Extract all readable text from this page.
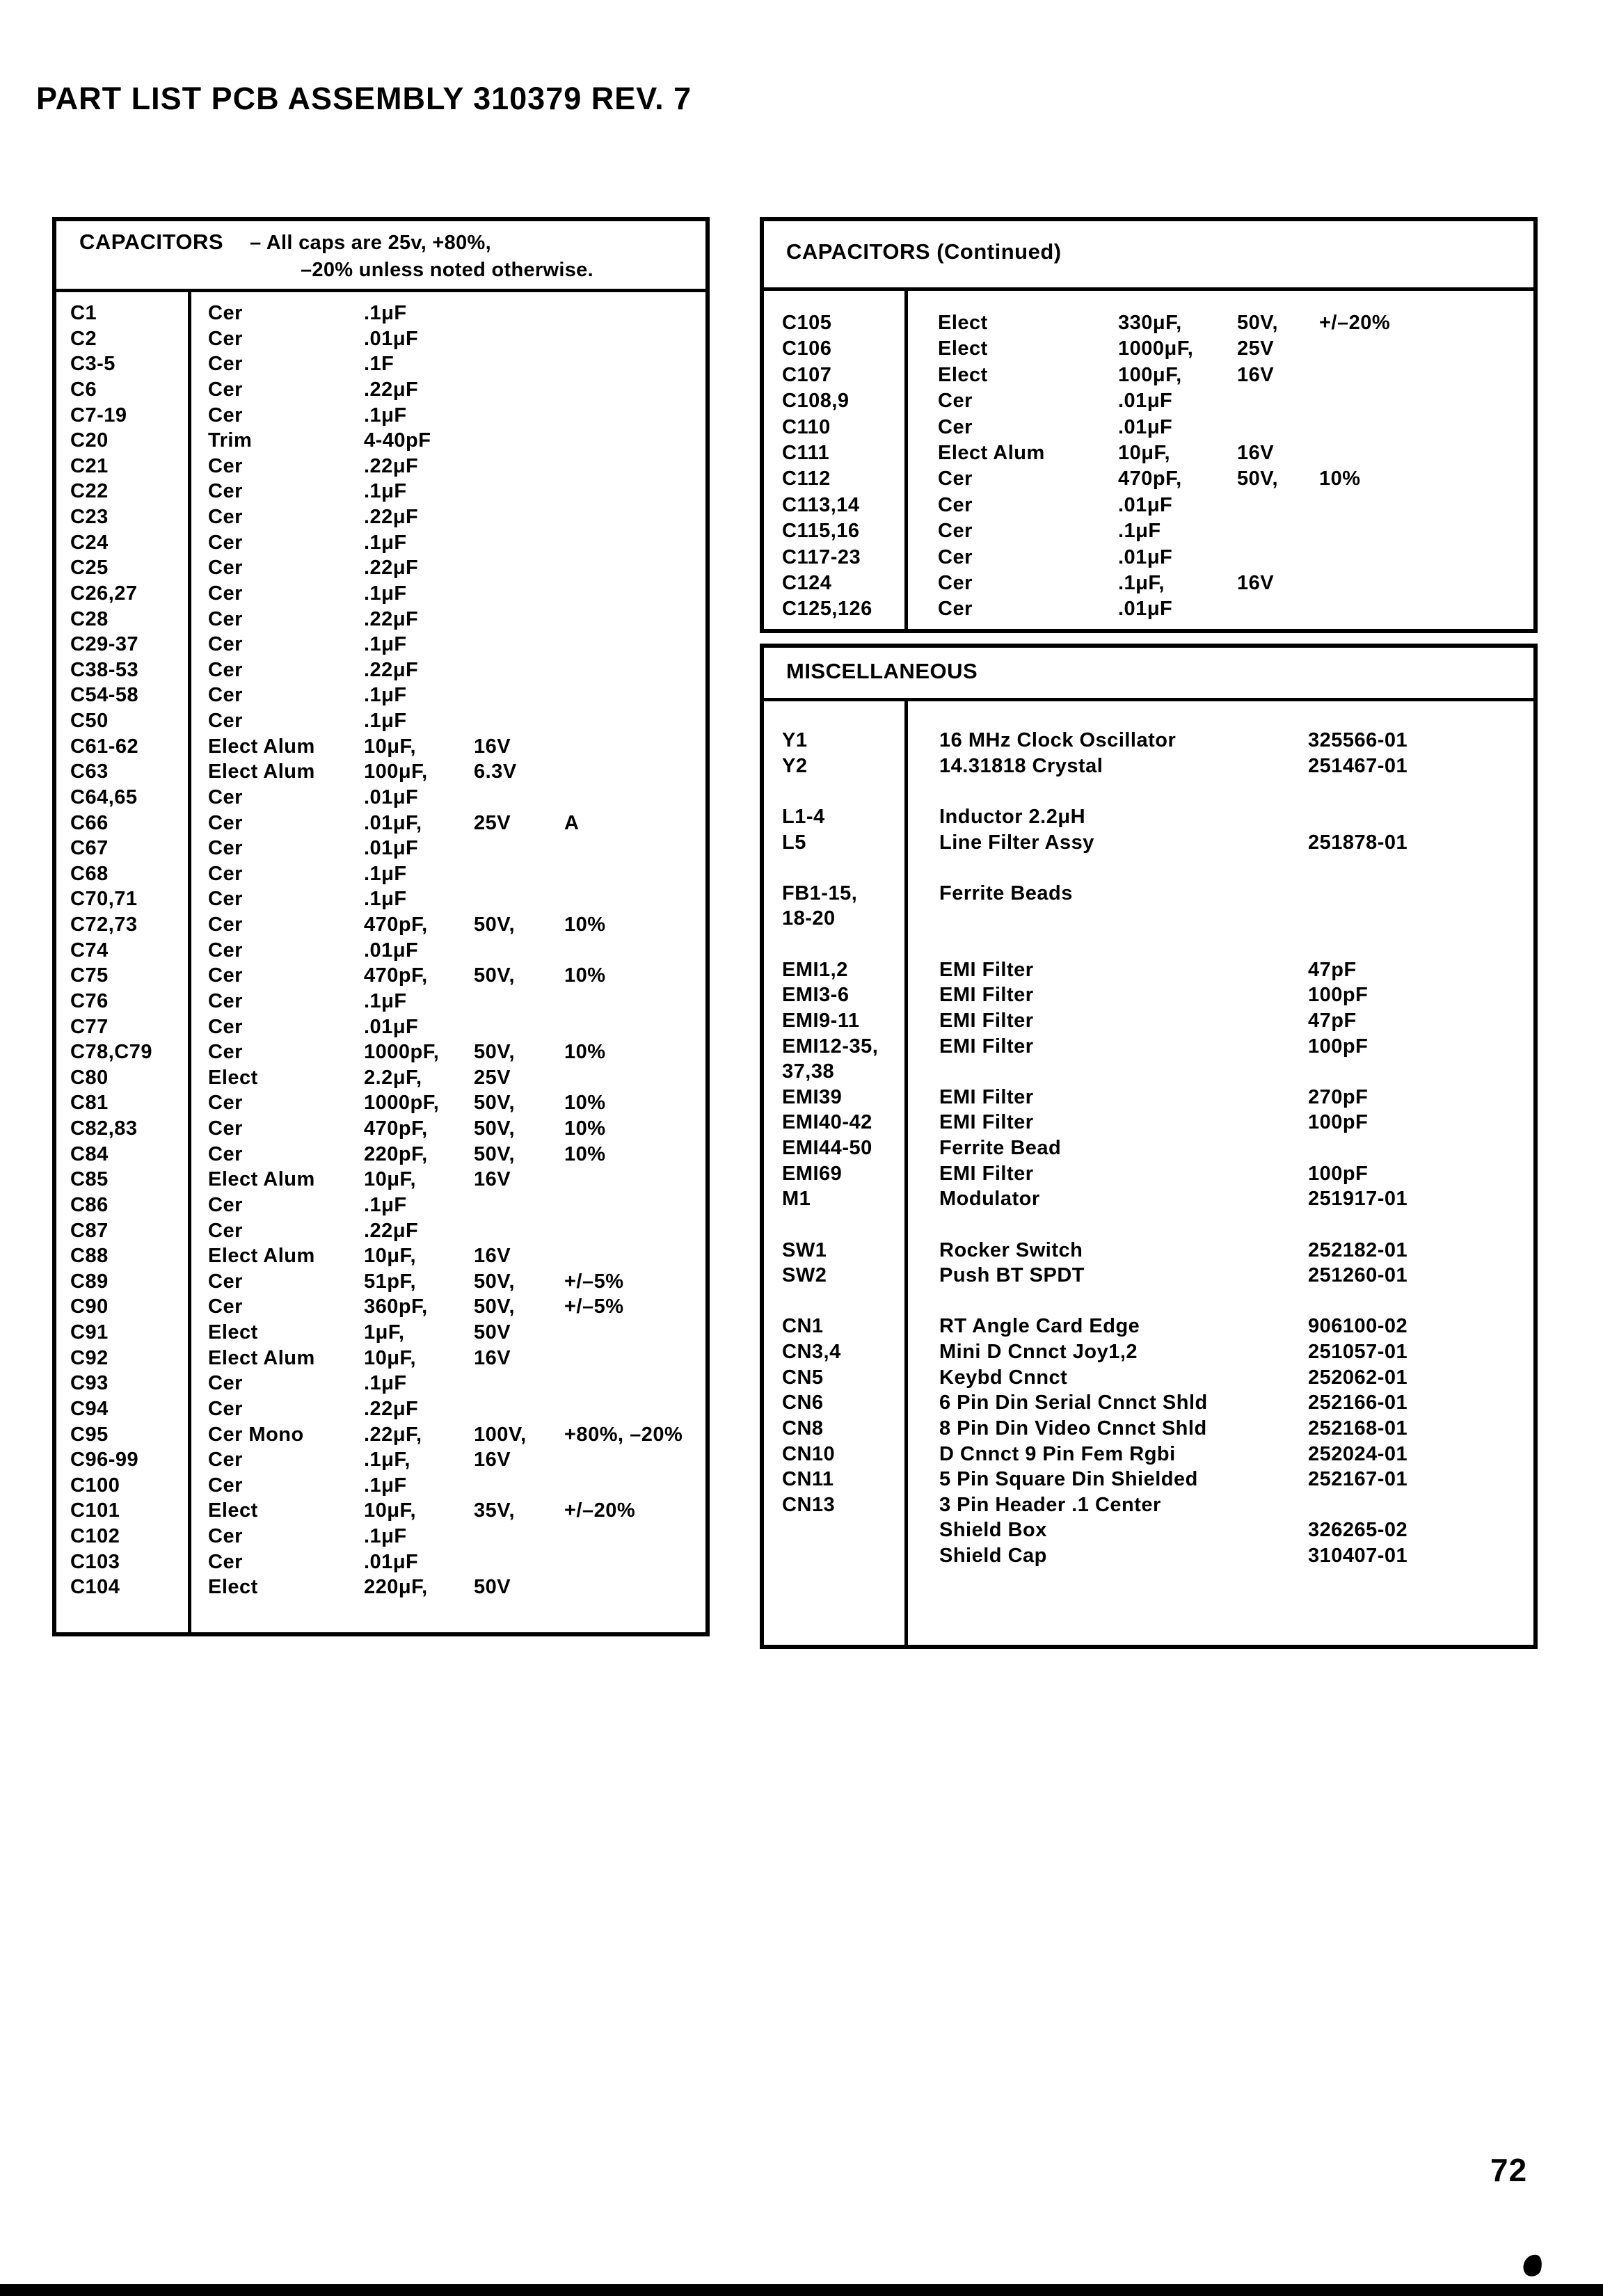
PART LIST PCB ASSEMBLY 310379 REV. 7
CAPACITORS – All caps are 25v, +80%,
–20% unless noted otherwise.
C1	Cer	.1μF
C2	Cer	.01μF
C3-5	Cer	.1F
C6	Cer	.22μF
C7-19	Cer	.1μF
C20	Trim	4-40pF
C21	Cer	.22μF
C22	Cer	.1μF
C23	Cer	.22μF
C24	Cer	.1μF
C25	Cer	.22μF
C26,27	Cer	.1μF
C28	Cer	.22μF
C29-37	Cer	.1μF
C38-53	Cer	.22μF
C54-58	Cer	.1μF
C50	Cer	.1μF
C61-62	Elect Alum	10μF,	16V
C63	Elect Alum	100μF,	6.3V
C64,65	Cer	.01μF
C66	Cer	.01μF,	25V	A
C67	Cer	.01μF
C68	Cer	.1μF
C70,71	Cer	.1μF
C72,73	Cer	470pF,	50V,	10%
C74	Cer	.01μF
C75	Cer	470pF,	50V,	10%
C76	Cer	.1μF
C77	Cer	.01μF
C78,C79	Cer	1000pF,	50V,	10%
C80	Elect	2.2μF,	25V
C81	Cer	1000pF,	50V,	10%
C82,83	Cer	470pF,	50V,	10%
C84	Cer	220pF,	50V,	10%
C85	Elect Alum	10μF,	16V
C86	Cer	.1μF
C87	Cer	.22μF
C88	Elect Alum	10μF,	16V
C89	Cer	51pF,	50V,	+/–5%
C90	Cer	360pF,	50V,	+/–5%
C91	Elect	1μF,	50V
C92	Elect Alum	10μF,	16V
C93	Cer	.1μF
C94	Cer	.22μF
C95	Cer Mono	.22μF,	100V,	+80%, –20%
C96-99	Cer	.1μF,	16V
C100	Cer	.1μF
C101	Elect	10μF,	35V,	+/–20%
C102	Cer	.1μF
C103	Cer	.01μF
C104	Elect	220μF,	50V
CAPACITORS (Continued)
C105	Elect	330μF,	50V,	+/–20%
C106	Elect	1000μF,	25V
C107	Elect	100μF,	16V
C108,9	Cer	.01μF
C110	Cer	.01μF
C111	Elect Alum	10μF,	16V
C112	Cer	470pF,	50V,	10%
C113,14	Cer	.01μF
C115,16	Cer	.1μF
C117-23	Cer	.01μF
C124	Cer	.1μF,	16V
C125,126	Cer	.01μF
MISCELLANEOUS
Y1	16 MHz Clock Oscillator	325566-01
Y2	14.31818 Crystal	251467-01
L1-4	Inductor 2.2μH
L5	Line Filter Assy	251878-01
FB1-15,	Ferrite Beads
18-20
EMI1,2	EMI Filter	47pF
EMI3-6	EMI Filter	100pF
EMI9-11	EMI Filter	47pF
EMI12-35,	EMI Filter	100pF
37,38
EMI39	EMI Filter	270pF
EMI40-42	EMI Filter	100pF
EMI44-50	Ferrite Bead
EMI69	EMI Filter	100pF
M1	Modulator	251917-01
SW1	Rocker Switch	252182-01
SW2	Push BT SPDT	251260-01
CN1	RT Angle Card Edge	906100-02
CN3,4	Mini D Cnnct Joy1,2	251057-01
CN5	Keybd Cnnct	252062-01
CN6	6 Pin Din Serial Cnnct Shld	252166-01
CN8	8 Pin Din Video Cnnct Shld	252168-01
CN10	D Cnnct 9 Pin Fem Rgbi	252024-01
CN11	5 Pin Square Din Shielded	252167-01
CN13	3 Pin Header .1 Center
Shield Box	326265-02
Shield Cap	310407-01
72
